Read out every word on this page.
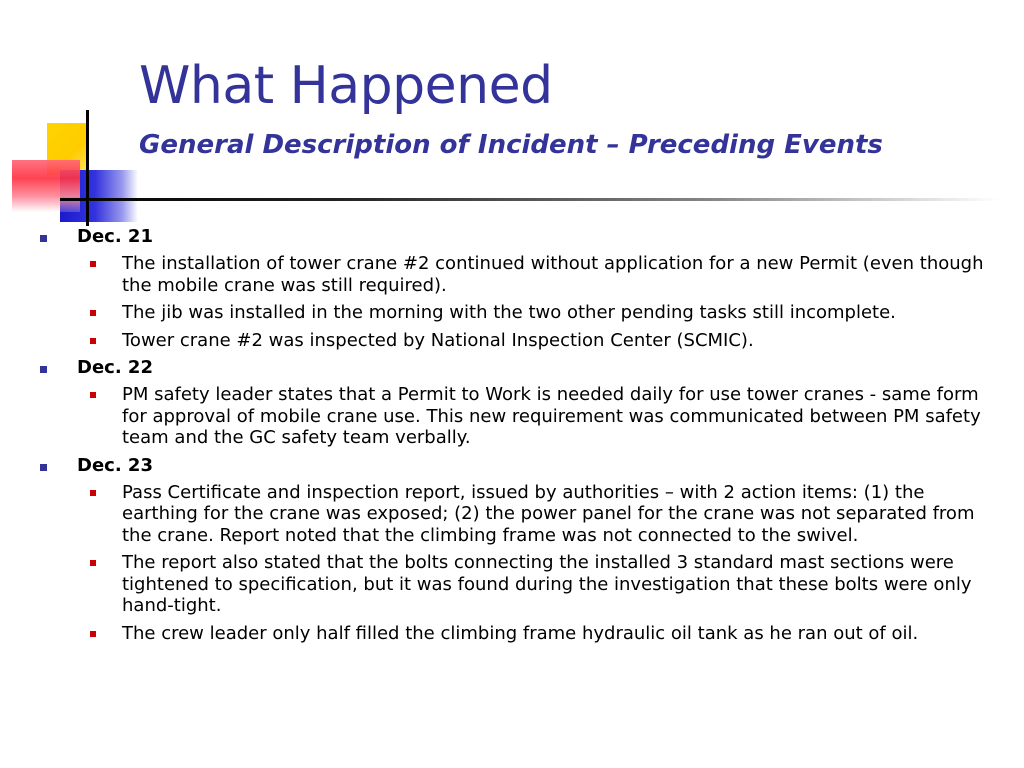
What Happened
General Description of Incident – Preceding Events
Dec. 21
The installation of tower crane #2 continued without application for a new Permit (even though the mobile crane was still required).
The jib was installed in the morning with the two other pending tasks still incomplete.
Tower crane #2 was inspected by National Inspection Center (SCMIC).
Dec. 22
PM safety leader states that a Permit to Work is needed daily for use tower cranes - same form for approval of mobile crane use. This new requirement was communicated between PM safety team and the GC safety team verbally.
Dec. 23
Pass Certificate and inspection report, issued by authorities – with 2 action items: (1) the earthing for the crane was exposed; (2) the power panel for the crane was not separated from the crane. Report noted that the climbing frame was not connected to the swivel.
The report also stated that the bolts connecting the installed 3 standard mast sections were tightened to specification, but it was found during the investigation that these bolts were only hand-tight.
The crew leader only half filled the climbing frame hydraulic oil tank as he ran out of oil.
